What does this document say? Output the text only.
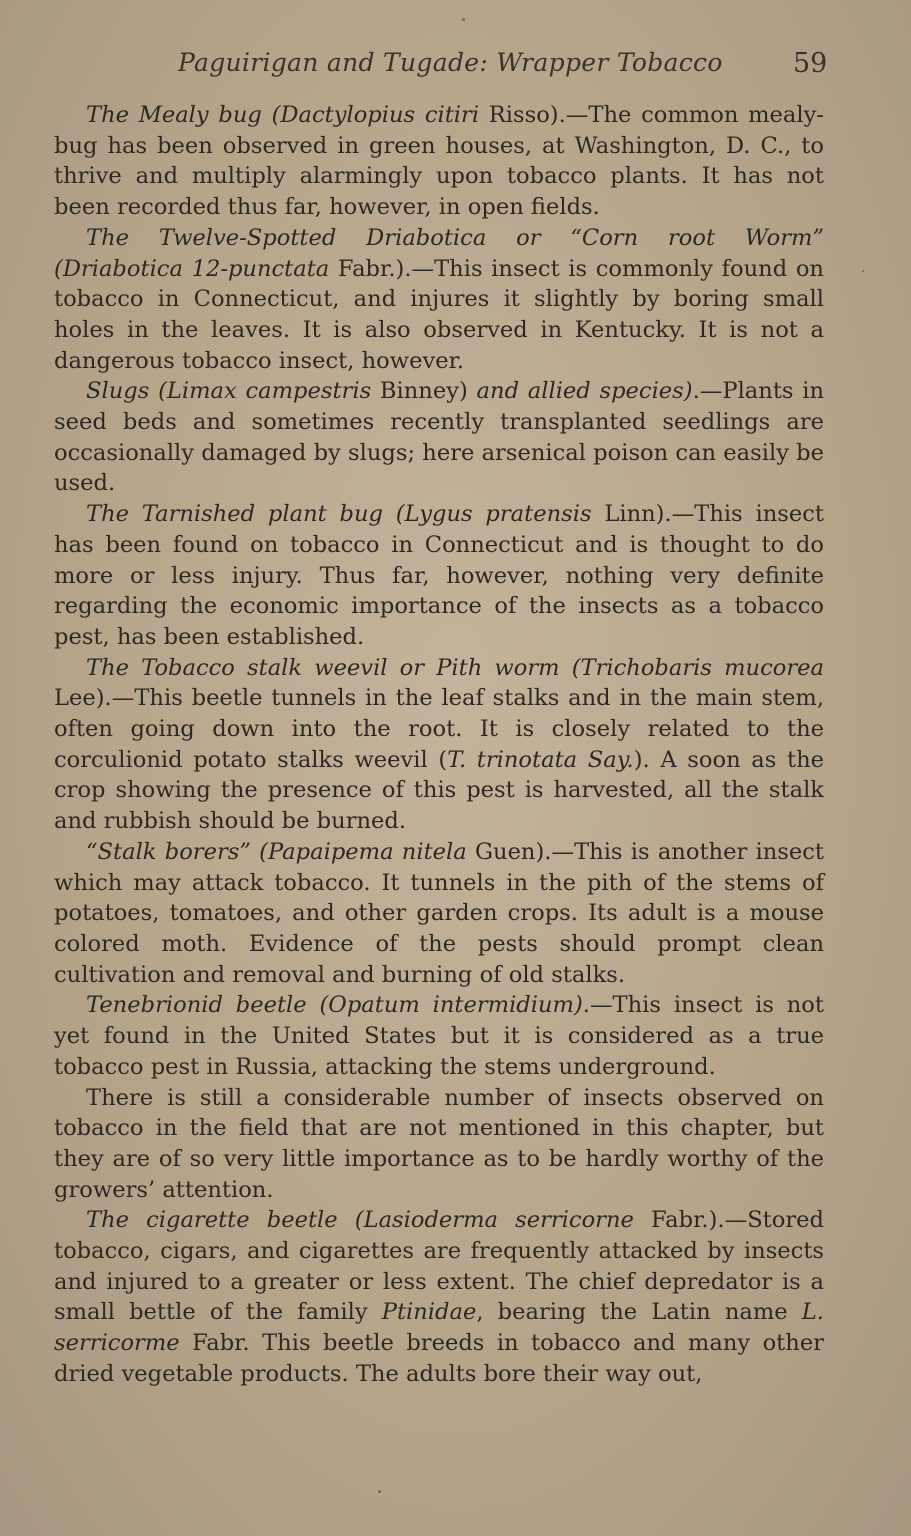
Paguirigan and Tugade: Wrapper Tobacco	59

The Mealy bug (Dactylopius citiri Risso).—The common mealy-bug has been observed in green houses, at Washington, D. C., to thrive and multiply alarmingly upon tobacco plants. It has not been recorded thus far, however, in open fields.

The Twelve-Spotted Driabotica or “Corn root Worm” (Driabotica 12-punctata Fabr.).—This insect is commonly found on tobacco in Connecticut, and injures it slightly by boring small holes in the leaves. It is also observed in Kentucky. It is not a dangerous tobacco insect, however.

Slugs (Limax campestris Binney) and allied species).—Plants in seed beds and sometimes recently transplanted seedlings are occasionally damaged by slugs; here arsenical poison can easily be used.

The Tarnished plant bug (Lygus pratensis Linn).—This insect has been found on tobacco in Connecticut and is thought to do more or less injury. Thus far, however, nothing very definite regarding the economic importance of the insects as a tobacco pest, has been established.

The Tobacco stalk weevil or Pith worm (Trichobaris mucorea Lee).—This beetle tunnels in the leaf stalks and in the main stem, often going down into the root. It is closely related to the corculionid potato stalks weevil (T. trinotata Say.). A soon as the crop showing the presence of this pest is harvested, all the stalk and rubbish should be burned.

“Stalk borers” (Papaipema nitela Guen).—This is another insect which may attack tobacco. It tunnels in the pith of the stems of potatoes, tomatoes, and other garden crops. Its adult is a mouse colored moth. Evidence of the pests should prompt clean cultivation and removal and burning of old stalks.

Tenebrionid beetle (Opatum intermidium).—This insect is not yet found in the United States but it is considered as a true tobacco pest in Russia, attacking the stems underground.

There is still a considerable number of insects observed on tobacco in the field that are not mentioned in this chapter, but they are of so very little importance as to be hardly worthy of the growers’ attention.

The cigarette beetle (Lasioderma serricorne Fabr.).—Stored tobacco, cigars, and cigarettes are frequently attacked by insects and injured to a greater or less extent. The chief depredator is a small bettle of the family Ptinidae, bearing the Latin name L. serricorme Fabr. This beetle breeds in tobacco and many other dried vegetable products. The adults bore their way out,
